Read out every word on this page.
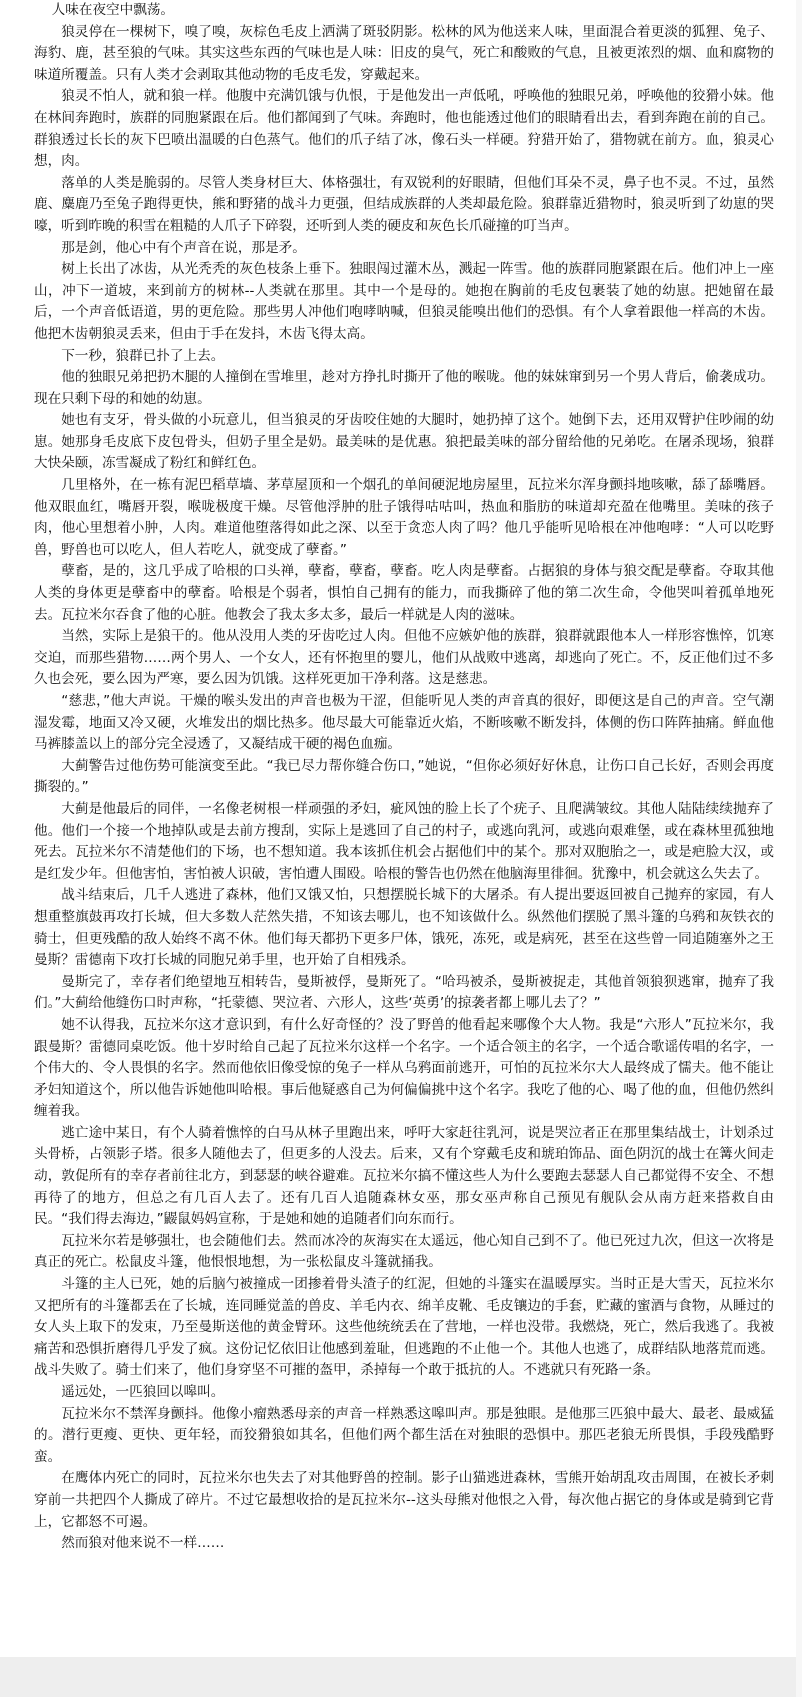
人味在夜空中飘荡。

狼灵停在一棵树下，嗅了嗅，灰棕色毛皮上洒满了斑驳阴影。松林的风为他送来人味，里面混合着更淡的狐狸、兔子、海豹、鹿，甚至狼的气味。其实这些东西的气味也是人味：旧皮的臭气，死亡和酸败的气息，且被更浓烈的烟、血和腐物的味道所覆盖。只有人类才会剥取其他动物的毛皮毛发，穿戴起来。

狼灵不怕人，就和狼一样。他腹中充满饥饿与仇恨，于是他发出一声低吼，呼唤他的独眼兄弟，呼唤他的狡猾小妹。他在林间奔跑时，族群的同胞紧跟在后。他们都闻到了气味。奔跑时，他也能透过他们的眼睛看出去，看到奔跑在前的自己。群狼透过长长的灰下巴喷出温暖的白色蒸气。他们的爪子结了冰，像石头一样硬。狩猎开始了，猎物就在前方。血，狼灵心想，肉。

落单的人类是脆弱的。尽管人类身材巨大、体格强壮，有双锐利的好眼睛，但他们耳朵不灵，鼻子也不灵。不过，虽然鹿、麋鹿乃至兔子跑得更快，熊和野猪的战斗力更强，但结成族群的人类却最危险。狼群靠近猎物时，狼灵听到了幼崽的哭嚎，听到昨晚的积雪在粗糙的人爪子下碎裂，还听到人类的硬皮和灰色长爪碰撞的叮当声。

那是剑，他心中有个声音在说，那是矛。

树上长出了冰齿，从光秃秃的灰色枝条上垂下。独眼闯过灌木丛，溅起一阵雪。他的族群同胞紧跟在后。他们冲上一座山，冲下一道坡，来到前方的树林--人类就在那里。其中一个是母的。她抱在胸前的毛皮包裹装了她的幼崽。把她留在最后，一个声音低语道，男的更危险。那些男人冲他们咆哮呐喊，但狼灵能嗅出他们的恐惧。有个人拿着跟他一样高的木齿。他把木齿朝狼灵丢来，但由于手在发抖，木齿飞得太高。

下一秒，狼群已扑了上去。

他的独眼兄弟把扔木腿的人撞倒在雪堆里，趁对方挣扎时撕开了他的喉咙。他的妹妹窜到另一个男人背后，偷袭成功。现在只剩下母的和她的幼崽。

她也有支牙，骨头做的小玩意儿，但当狼灵的牙齿咬住她的大腿时，她扔掉了这个。她倒下去，还用双臂护住吵闹的幼崽。她那身毛皮底下皮包骨头，但奶子里全是奶。最美味的是优惠。狼把最美味的部分留给他的兄弟吃。在屠杀现场，狼群大快朵颐，冻雪凝成了粉红和鲜红色。

几里格外，在一栋有泥巴稻草墙、茅草屋顶和一个烟孔的单间硬泥地房屋里，瓦拉米尔浑身颤抖地咳嗽，舔了舔嘴唇。他双眼血红，嘴唇开裂，喉咙极度干燥。尽管他浮肿的肚子饿得咕咕叫，热血和脂肪的味道却充盈在他嘴里。美味的孩子肉，他心里想着小肿，人肉。难道他堕落得如此之深、以至于贪恋人肉了吗？他几乎能听见哈根在冲他咆哮：“人可以吃野兽，野兽也可以吃人，但人若吃人，就变成了孽畜。”

孽畜，是的，这几乎成了哈根的口头禅，孽畜，孽畜，孽畜。吃人肉是孽畜。占据狼的身体与狼交配是孽畜。夺取其他人类的身体更是孽畜中的孽畜。哈根是个弱者，惧怕自己拥有的能力，而我撕碎了他的第二次生命，令他哭叫着孤单地死去。瓦拉米尔吞食了他的心脏。他教会了我太多太多，最后一样就是人肉的滋味。

当然，实际上是狼干的。他从没用人类的牙齿吃过人肉。但他不应嫉妒他的族群，狼群就跟他本人一样形容憔悴，饥寒交迫，而那些猎物……两个男人、一个女人，还有怀抱里的婴儿，他们从战败中逃离，却逃向了死亡。不，反正他们过不多久也会死，要么因为严寒，要么因为饥饿。这样死更加干净利落。这是慈悲。

“慈悲，”他大声说。干燥的喉头发出的声音也极为干涩，但能听见人类的声音真的很好，即便这是自己的声音。空气潮湿发霉，地面又冷又硬，火堆发出的烟比热多。他尽最大可能靠近火焰，不断咳嗽不断发抖，体侧的伤口阵阵抽痛。鲜血他马裤膝盖以上的部分完全浸透了，又凝结成干硬的褐色血痂。

大蓟警告过他伤势可能演变至此。“我已尽力帮你缝合伤口，”她说，“但你必须好好休息，让伤口自己长好，否则会再度撕裂的。”

大蓟是他最后的同伴，一名像老树根一样顽强的矛妇，疵风蚀的脸上长了个疣子、且爬满皱纹。其他人陆陆续续抛弃了他。他们一个接一个地掉队或是去前方搜刮，实际上是逃回了自己的村子，或逃向乳河，或逃向艰难堡，或在森林里孤独地死去。瓦拉米尔不清楚他们的下场，也不想知道。我本该抓住机会占据他们中的某个。那对双胞胎之一，或是疤脸大汉，或是红发少年。但他害怕，害怕被人识破，害怕遭人围殴。哈根的警告也仍然在他脑海里徘徊。犹豫中，机会就这么失去了。

战斗结束后，几千人逃进了森林，他们又饿又怕，只想摆脱长城下的大屠杀。有人提出要返回被自己抛弃的家园，有人想重整旗鼓再攻打长城，但大多数人茫然失措，不知该去哪儿，也不知该做什么。纵然他们摆脱了黑斗篷的乌鸦和灰铁衣的骑士，但更残酷的敌人始终不离不休。他们每天都扔下更多尸体，饿死，冻死，或是病死，甚至在这些曾一同追随塞外之王曼斯？雷德南下攻打长城的同胞兄弟手里，也开始了自相残杀。

曼斯完了，幸存者们绝望地互相转告，曼斯被俘，曼斯死了。“哈玛被杀，曼斯被捉走，其他首领狼狈逃窜，抛弃了我们。”大蓟给他缝伤口时声称，“托蒙德、哭泣者、六形人，这些‘英勇’的掠袭者都上哪儿去了？”

她不认得我，瓦拉米尔这才意识到，有什么好奇怪的？没了野兽的他看起来哪像个大人物。我是“六形人”瓦拉米尔，我跟曼斯？雷德同桌吃饭。他十岁时给自己起了瓦拉米尔这样一个名字。一个适合领主的名字，一个适合歌谣传唱的名字，一个伟大的、令人畏惧的名字。然而他依旧像受惊的兔子一样从乌鸦面前逃开，可怕的瓦拉米尔大人最终成了懦夫。他不能让矛妇知道这个，所以他告诉她他叫哈根。事后他疑惑自己为何偏偏挑中这个名字。我吃了他的心、喝了他的血，但他仍然纠缠着我。

逃亡途中某日，有个人骑着憔悴的白马从林子里跑出来，呼吁大家赶往乳河，说是哭泣者正在那里集结战士，计划杀过头骨桥，占领影子塔。很多人随他去了，但更多的人没去。后来，又有个穿戴毛皮和琥珀饰品、面色阴沉的战士在篝火间走动，敦促所有的幸存者前往北方，到瑟瑟的峡谷避难。瓦拉米尔搞不懂这些人为什么要跑去瑟瑟人自己都觉得不安全、不想再待了的地方，但总之有几百人去了。还有几百人追随森林女巫，那女巫声称自己预见有舰队会从南方赶来搭救自由民。“我们得去海边，”鼹鼠妈妈宣称，于是她和她的追随者们向东而行。

瓦拉米尔若是够强壮，也会随他们去。然而冰冷的灰海实在太遥远，他心知自己到不了。他已死过九次，但这一次将是真正的死亡。松鼠皮斗篷，他恨恨地想，为一张松鼠皮斗篷就捅我。

斗篷的主人已死，她的后脑勺被撞成一团掺着骨头渣子的红泥，但她的斗篷实在温暖厚实。当时正是大雪天，瓦拉米尔又把所有的斗篷都丢在了长城，连同睡觉盖的兽皮、羊毛内衣、绵羊皮靴、毛皮镶边的手套，贮藏的蜜酒与食物，从睡过的女人头上取下的发束，乃至曼斯送他的黄金臂环。这些他统统丢在了营地，一样也没带。我燃烧，死亡，然后我逃了。我被痛苦和恐惧折磨得几乎发了疯。这份记忆依旧让他感到羞耻，但逃跑的不止他一个。其他人也逃了，成群结队地落荒而逃。战斗失败了。骑士们来了，他们身穿坚不可摧的盔甲，杀掉每一个敢于抵抗的人。不逃就只有死路一条。

遥远处，一匹狼回以嗥叫。

瓦拉米尔不禁浑身颤抖。他像小瘤熟悉母亲的声音一样熟悉这嗥叫声。那是独眼。是他那三匹狼中最大、最老、最威猛的。潜行更瘦、更快、更年轻，而狡猾狼如其名，但他们两个都生活在对独眼的恐惧中。那匹老狼无所畏惧，手段残酷野蛮。

在鹰体内死亡的同时，瓦拉米尔也失去了对其他野兽的控制。影子山猫逃进森林，雪熊开始胡乱攻击周围，在被长矛刺穿前一共把四个人撕成了碎片。不过它最想收拾的是瓦拉米尔--这头母熊对他恨之入骨，每次他占据它的身体或是骑到它背上，它都怒不可遏。

然而狼对他来说不一样……
